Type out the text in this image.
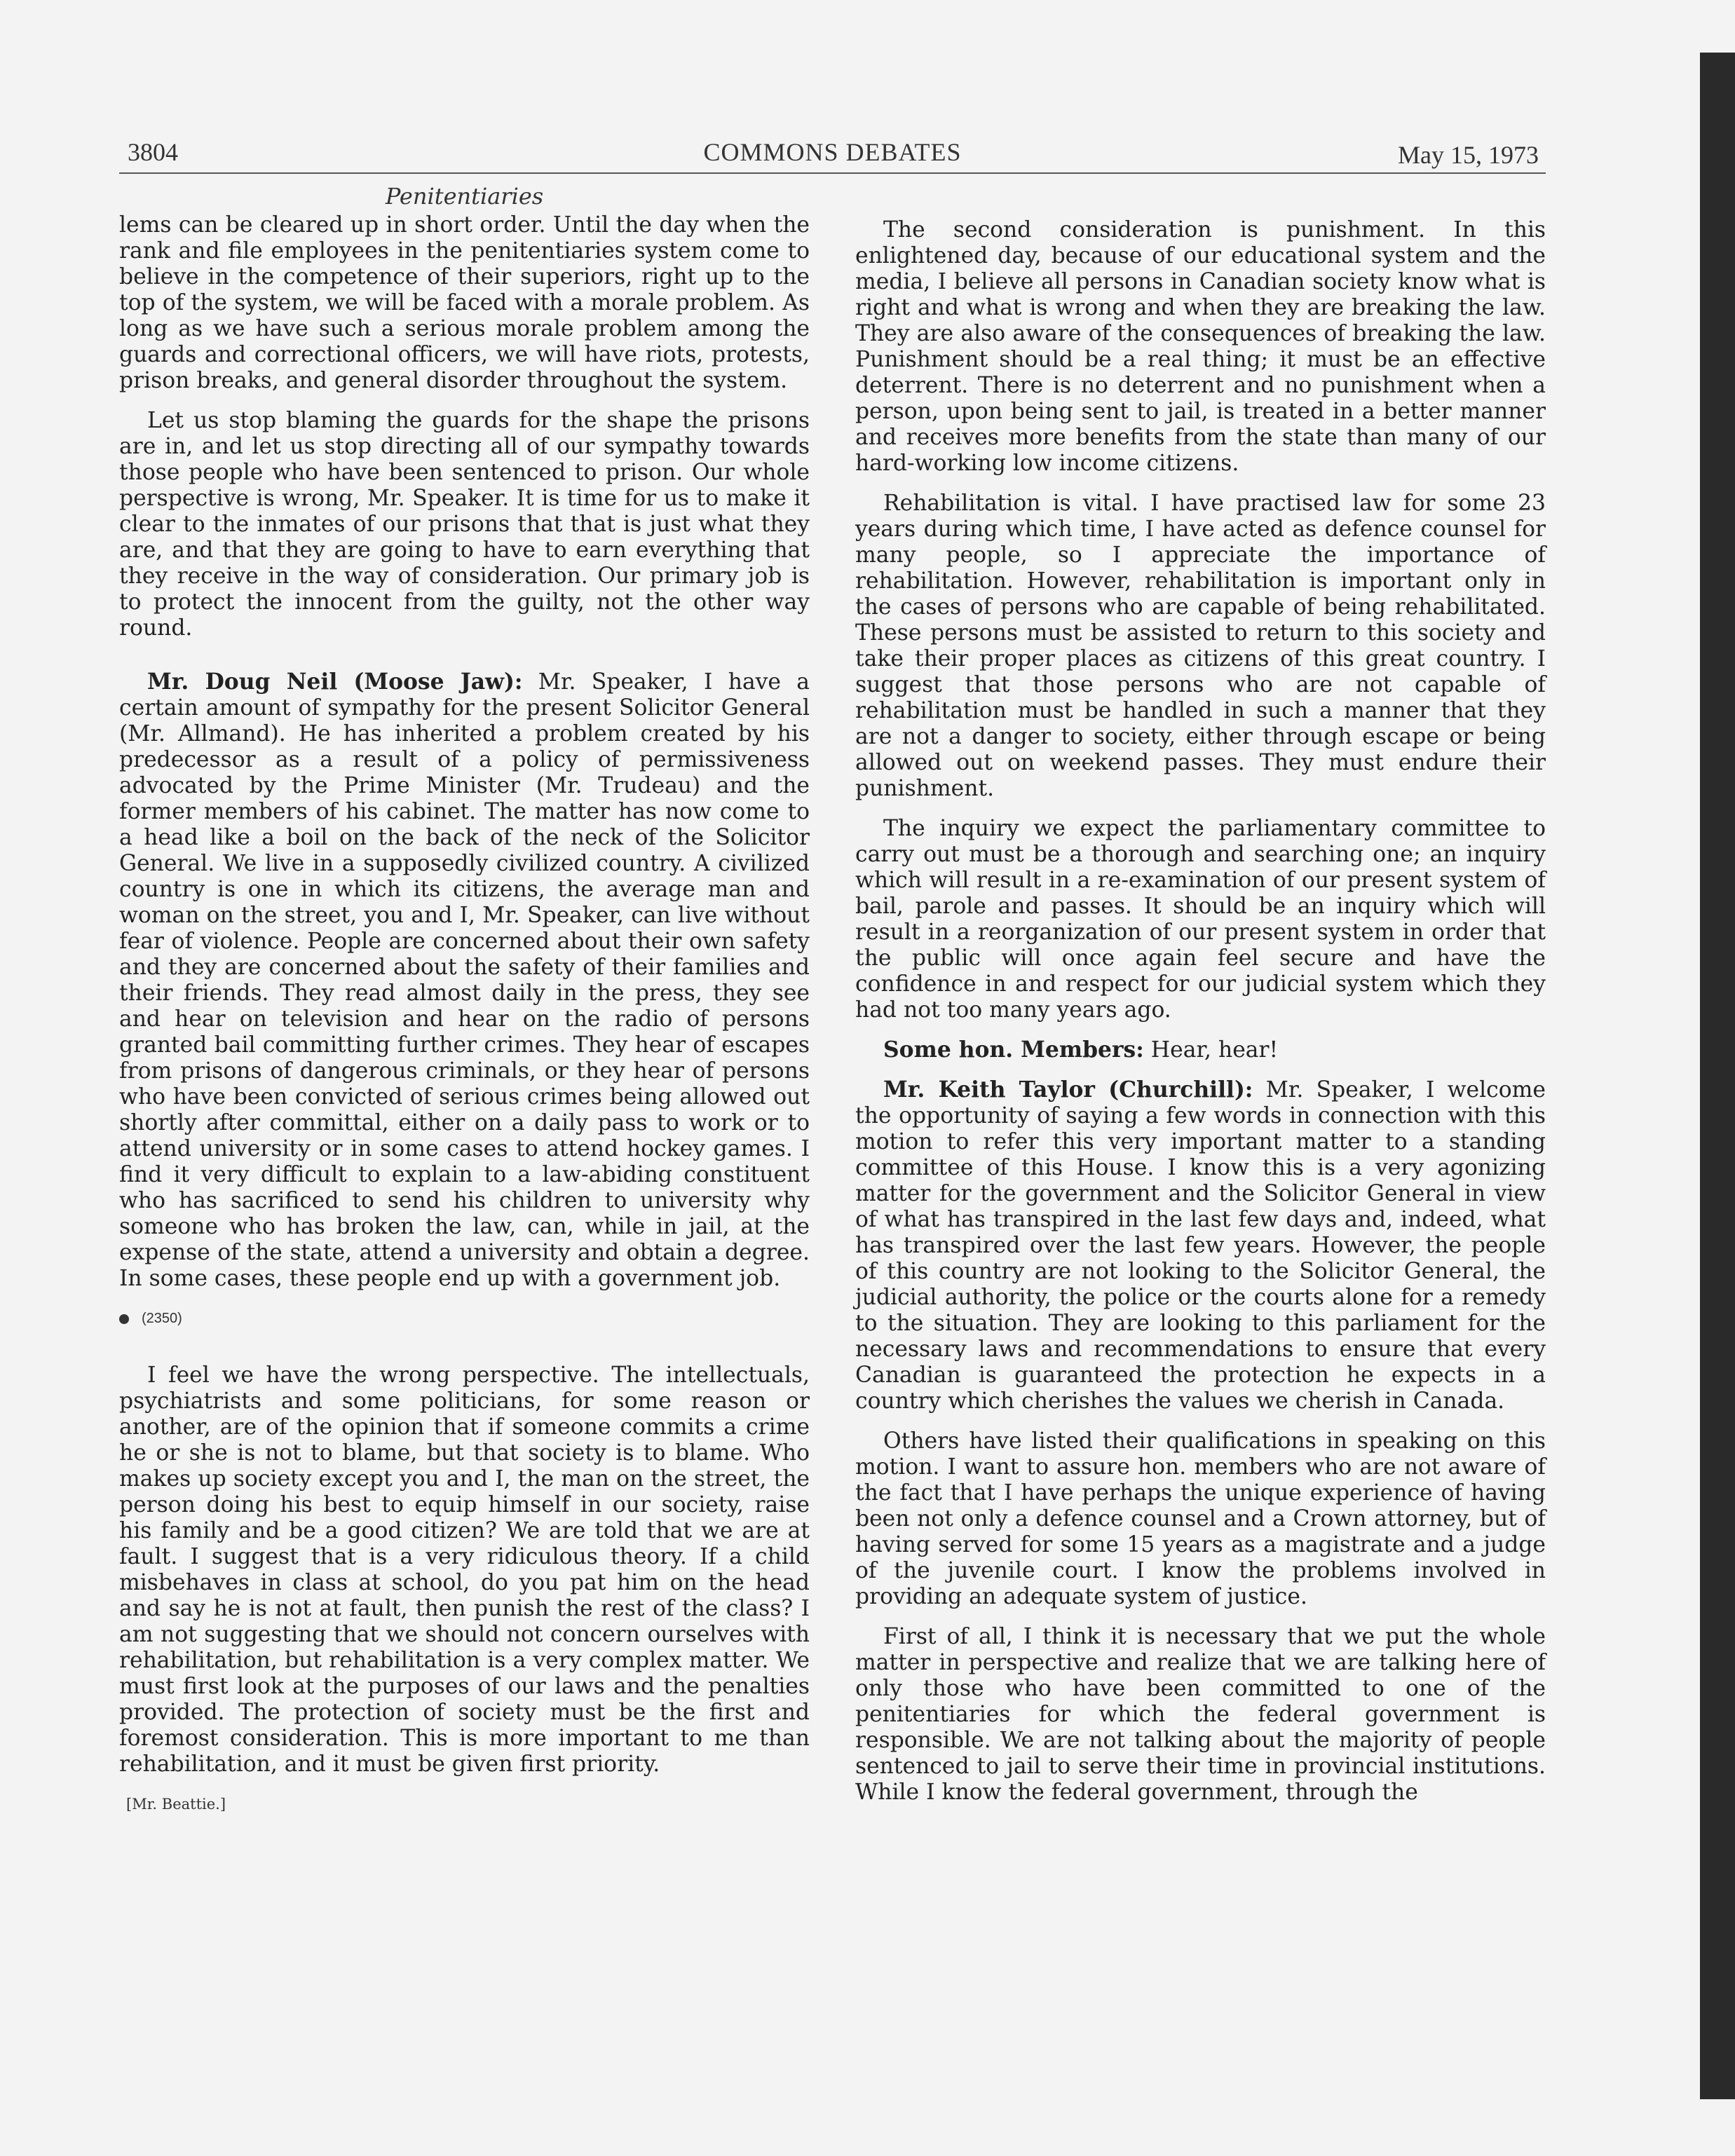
3804	COMMONS DEBATES	May 15, 1973
Penitentiaries

lems can be cleared up in short order. Until the day when the rank and file employees in the penitentiaries system come to believe in the competence of their superiors, right up to the top of the system, we will be faced with a morale problem. As long as we have such a serious morale problem among the guards and correctional officers, we will have riots, protests, prison breaks, and general disorder throughout the system.

Let us stop blaming the guards for the shape the prisons are in, and let us stop directing all of our sympathy towards those people who have been sentenced to prison. Our whole perspective is wrong, Mr. Speaker. It is time for us to make it clear to the inmates of our prisons that that is just what they are, and that they are going to have to earn everything that they receive in the way of consideration. Our primary job is to protect the innocent from the guilty, not the other way round.

Mr. Doug Neil (Moose Jaw): Mr. Speaker, I have a certain amount of sympathy for the present Solicitor General (Mr. Allmand). He has inherited a problem created by his predecessor as a result of a policy of permissiveness advocated by the Prime Minister (Mr. Trudeau) and the former members of his cabinet. The matter has now come to a head like a boil on the back of the neck of the Solicitor General. We live in a supposedly civilized country. A civilized country is one in which its citizens, the average man and woman on the street, you and I, Mr. Speaker, can live without fear of violence. People are concerned about their own safety and they are concerned about the safety of their families and their friends. They read almost daily in the press, they see and hear on television and hear on the radio of persons granted bail committing further crimes. They hear of escapes from prisons of dangerous criminals, or they hear of persons who have been convicted of serious crimes being allowed out shortly after committal, either on a daily pass to work or to attend university or in some cases to attend hockey games. I find it very difficult to explain to a law-abiding constituent who has sacrificed to send his children to university why someone who has broken the law, can, while in jail, at the expense of the state, attend a university and obtain a degree. In some cases, these people end up with a government job.

(2350)

I feel we have the wrong perspective. The intellectuals, psychiatrists and some politicians, for some reason or another, are of the opinion that if someone commits a crime he or she is not to blame, but that society is to blame. Who makes up society except you and I, the man on the street, the person doing his best to equip himself in our society, raise his family and be a good citizen? We are told that we are at fault. I suggest that is a very ridiculous theory. If a child misbehaves in class at school, do you pat him on the head and say he is not at fault, then punish the rest of the class? I am not suggesting that we should not concern ourselves with rehabilitation, but rehabilitation is a very complex matter. We must first look at the purposes of our laws and the penalties provided. The protection of society must be the first and foremost consideration. This is more important to me than rehabilitation, and it must be given first priority.

[Mr. Beattie.]

The second consideration is punishment. In this enlightened day, because of our educational system and the media, I believe all persons in Canadian society know what is right and what is wrong and when they are breaking the law. They are also aware of the consequences of breaking the law. Punishment should be a real thing; it must be an effective deterrent. There is no deterrent and no punishment when a person, upon being sent to jail, is treated in a better manner and receives more benefits from the state than many of our hard-working low income citizens.

Rehabilitation is vital. I have practised law for some 23 years during which time, I have acted as defence counsel for many people, so I appreciate the importance of rehabilitation. However, rehabilitation is important only in the cases of persons who are capable of being rehabilitated. These persons must be assisted to return to this society and take their proper places as citizens of this great country. I suggest that those persons who are not capable of rehabilitation must be handled in such a manner that they are not a danger to society, either through escape or being allowed out on weekend passes. They must endure their punishment.

The inquiry we expect the parliamentary committee to carry out must be a thorough and searching one; an inquiry which will result in a re-examination of our present system of bail, parole and passes. It should be an inquiry which will result in a reorganization of our present system in order that the public will once again feel secure and have the confidence in and respect for our judicial system which they had not too many years ago.

Some hon. Members: Hear, hear!

Mr. Keith Taylor (Churchill): Mr. Speaker, I welcome the opportunity of saying a few words in connection with this motion to refer this very important matter to a standing committee of this House. I know this is a very agonizing matter for the government and the Solicitor General in view of what has transpired in the last few days and, indeed, what has transpired over the last few years. However, the people of this country are not looking to the Solicitor General, the judicial authority, the police or the courts alone for a remedy to the situation. They are looking to this parliament for the necessary laws and recommendations to ensure that every Canadian is guaranteed the protection he expects in a country which cherishes the values we cherish in Canada.

Others have listed their qualifications in speaking on this motion. I want to assure hon. members who are not aware of the fact that I have perhaps the unique experience of having been not only a defence counsel and a Crown attorney, but of having served for some 15 years as a magistrate and a judge of the juvenile court. I know the problems involved in providing an adequate system of justice.

First of all, I think it is necessary that we put the whole matter in perspective and realize that we are talking here of only those who have been committed to one of the penitentiaries for which the federal government is responsible. We are not talking about the majority of people sentenced to jail to serve their time in provincial institutions. While I know the federal government, through the
